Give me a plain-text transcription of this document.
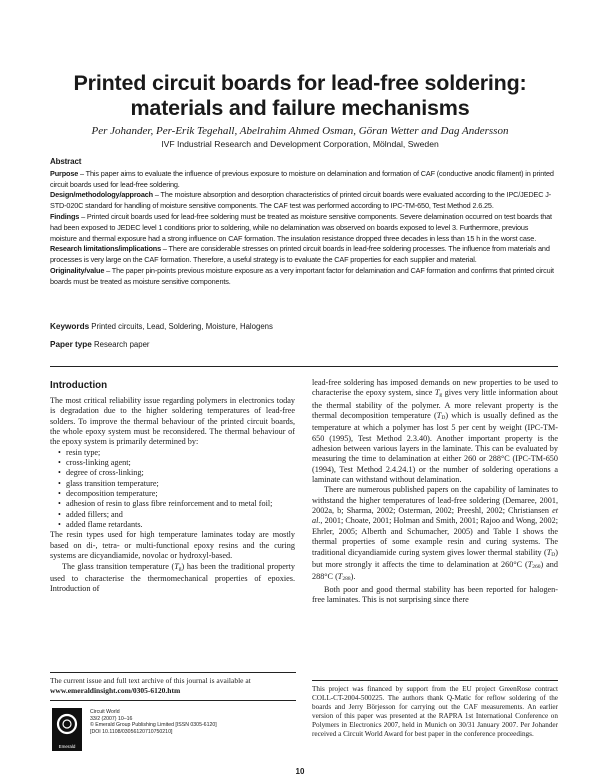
Printed circuit boards for lead-free soldering: materials and failure mechanisms
Per Johander, Per-Erik Tegehall, Abelrahim Ahmed Osman, Göran Wetter and Dag Andersson
IVF Industrial Research and Development Corporation, Mölndal, Sweden
Abstract

Purpose – This paper aims to evaluate the influence of previous exposure to moisture on delamination and formation of CAF (conductive anodic filament) in printed circuit boards used for lead-free soldering.

Design/methodology/approach – The moisture absorption and desorption characteristics of printed circuit boards were evaluated according to the IPC/JEDEC J-STD-020C standard for handling of moisture sensitive components. The CAF test was performed according to IPC-TM-650, Test Method 2.6.25.

Findings – Printed circuit boards used for lead-free soldering must be treated as moisture sensitive components. Severe delamination occurred on test boards that had been exposed to JEDEC level 1 conditions prior to soldering, while no delamination was observed on boards exposed to level 3. Furthermore, previous moisture and thermal exposure had a strong influence on CAF formation. The insulation resistance dropped three decades in less than 15 h in the worst case.

Research limitations/implications – There are considerable stresses on printed circuit boards in lead-free soldering processes. The influence from materials and processes is very large on the CAF formation. Therefore, a useful strategy is to evaluate the CAF properties for each supplier and material.

Originality/value – The paper pin-points previous moisture exposure as a very important factor for delamination and CAF formation and confirms that printed circuit boards must be treated as moisture sensitive components.

Keywords Printed circuits, Lead, Soldering, Moisture, Halogens
Paper type Research paper
Introduction

The most critical reliability issue regarding polymers in electronics today is degradation due to the higher soldering temperatures of lead-free solders. To improve the thermal behaviour of the printed circuit boards, the whole epoxy system must be reconsidered. The thermal behaviour of the epoxy system is primarily determined by:

• resin type;
• cross-linking agent;
• degree of cross-linking;
• glass transition temperature;
• decomposition temperature;
• adhesion of resin to glass fibre reinforcement and to metal foil;
• added fillers; and
• added flame retardants.

The resin types used for high temperature laminates today are mostly based on di-, tetra- or multi-functional epoxy resins and the curing systems are dicyandiamide, novolac or hydroxyl-based.

The glass transition temperature $(T_g)$ has been the traditional property used to characterise the thermomechanical properties of epoxies. Introduction of

lead-free soldering has imposed demands on new properties to be used to characterise the epoxy system, since $T_g$ gives very little information about the thermal stability of the polymer. A more relevant property is the thermal decomposition temperature $(T_D)$ which is usually defined as the temperature at which a polymer has lost 5 per cent by weight (IPC-TM-650 (1995), Test Method 2.3.40). Another important property is the adhesion between various layers in the laminate. This can be evaluated by measuring the time to delamination at either 260 or 288°C (IPC-TM-650 (1994), Test Method 2.4.24.1) or the number of soldering operations a laminate can withstand without delamination.

There are numerous published papers on the capability of laminates to withstand the higher temperatures of lead-free soldering (Demaree, 2001, 2002a, b; Sharma, 2002; Osterman, 2002; Preeshl, 2002; Christiansen et al., 2001; Choate, 2001; Holman and Smith, 2001; Rajoo and Wong, 2002; Ehrler, 2005; Alberth and Schumacher, 2005) and Table I shows the thermal properties of some example resin and curing systems. The traditional dicyandiamide curing system gives lower thermal stability $(T_D)$ but more strongly it affects the time to delamination at 260°C $(T_{260})$ and 288°C $(T_{288})$.

Both poor and good thermal stability has been reported for halogen-free laminates. This is not surprising since there

The current issue and full text archive of this journal is available at
www.emeraldinsight.com/0305-6120.htm
Emerald
Circuit World
33/2 (2007) 10–16
© Emerald Group Publishing Limited [ISSN 0305-6120]
[DOI 10.1108/03056120710750210]
This project was financed by support from the EU project GreenRose contract COLL-CT-2004-500225. The authors thank Q-Matic for reflow soldering of the boards and Jerry Börjesson for carrying out the CAF measurements. An earlier version of this paper was presented at the RAPRA 1st International Conference on Polymers in Electronics 2007, held in Munich on 30/31 January 2007. Per Johander received a Circuit World Award for best paper in the conference proceedings.
10
